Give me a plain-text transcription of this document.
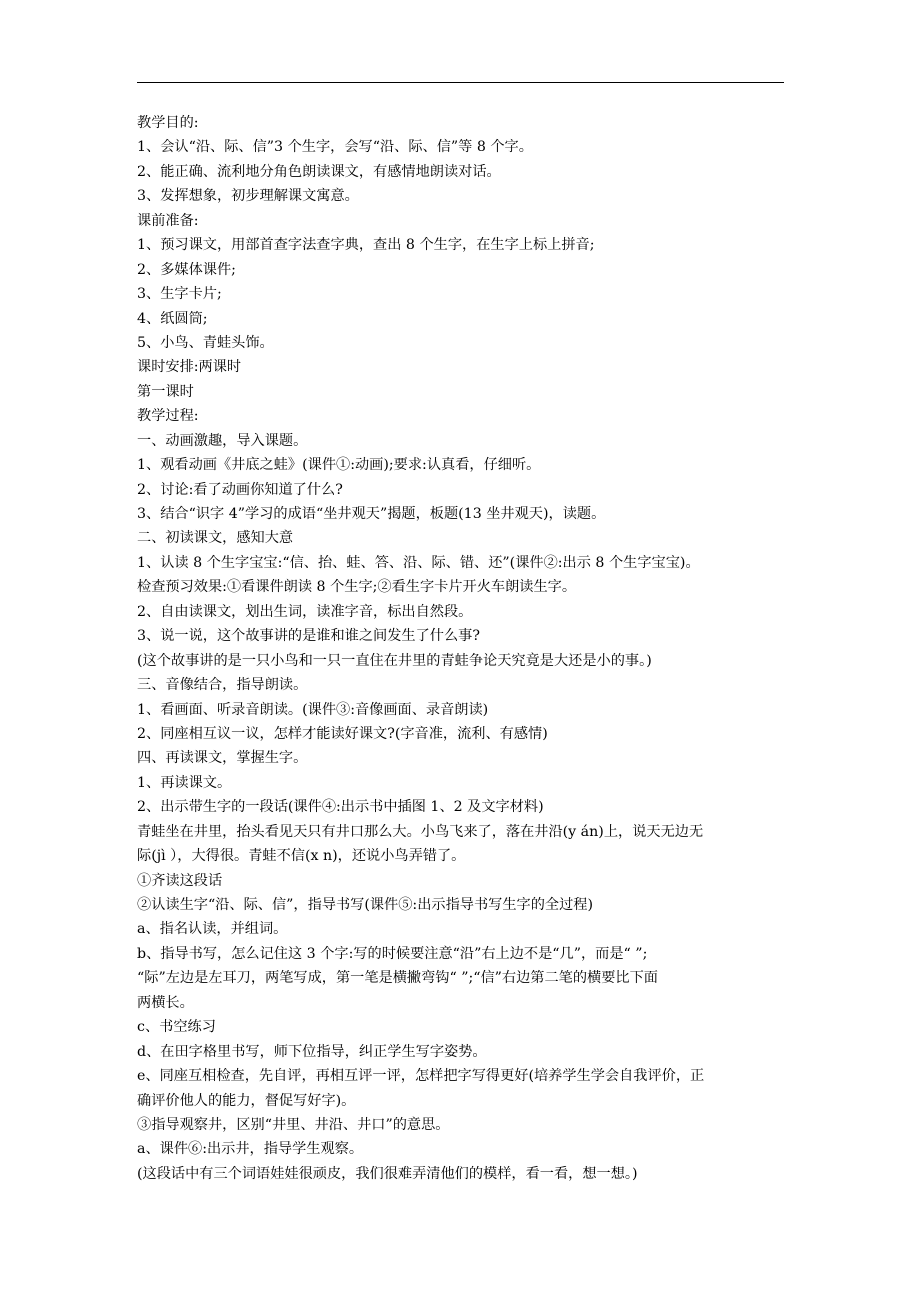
教学目的:
1、会认“沿、际、信”3 个生字，会写“沿、际、信”等 8 个字。
2、能正确、流利地分角色朗读课文，有感情地朗读对话。
3、发挥想象，初步理解课文寓意。
课前准备:
1、预习课文，用部首查字法查字典，查出 8 个生字，在生字上标上拼音;
2、多媒体课件;
3、生字卡片;
4、纸圆筒;
5、小鸟、青蛙头饰。
课时安排:两课时
第一课时
教学过程:
一、动画激趣，导入课题。
1、观看动画《井底之蛙》(课件①:动画);要求:认真看，仔细听。
2、讨论:看了动画你知道了什么?
3、结合“识字 4”学习的成语“坐井观天”揭题，板题(13 坐井观天)，读题。
二、初读课文，感知大意
1、认读 8 个生字宝宝:“信、抬、蛙、答、沿、际、错、还”(课件②:出示 8 个生字宝宝)。
检查预习效果:①看课件朗读 8 个生字;②看生字卡片开火车朗读生字。
2、自由读课文，划出生词，读准字音，标出自然段。
3、说一说，这个故事讲的是谁和谁之间发生了什么事?
(这个故事讲的是一只小鸟和一只一直住在井里的青蛙争论天究竟是大还是小的事。)
三、音像结合，指导朗读。
1、看画面、听录音朗读。(课件③:音像画面、录音朗读)
2、同座相互议一议，怎样才能读好课文?(字音准，流利、有感情)
四、再读课文，掌握生字。
1、再读课文。
2、出示带生字的一段话(课件④:出示书中插图 1、2 及文字材料)
青蛙坐在井里，抬头看见天只有井口那么大。小鸟飞来了，落在井沿(y án)上，说天无边无
际(jì ），大得很。青蛙不信(x n)，还说小鸟弄错了。
①齐读这段话
②认读生字“沿、际、信”，指导书写(课件⑤:出示指导书写生字的全过程)
a、指名认读，并组词。
b、指导书写，怎么记住这 3 个字:写的时候要注意“沿”右上边不是“几”，而是“ ”;
“际”左边是左耳刀，两笔写成，第一笔是横撇弯钩“ ”;“信”右边第二笔的横要比下面
两横长。
c、书空练习
d、在田字格里书写，师下位指导，纠正学生写字姿势。
e、同座互相检查，先自评，再相互评一评，怎样把字写得更好(培养学生学会自我评价，正
确评价他人的能力，督促写好字)。
③指导观察井，区别“井里、井沿、井口”的意思。
a、课件⑥:出示井，指导学生观察。
(这段话中有三个词语娃娃很顽皮，我们很难弄清他们的模样，看一看，想一想。)
